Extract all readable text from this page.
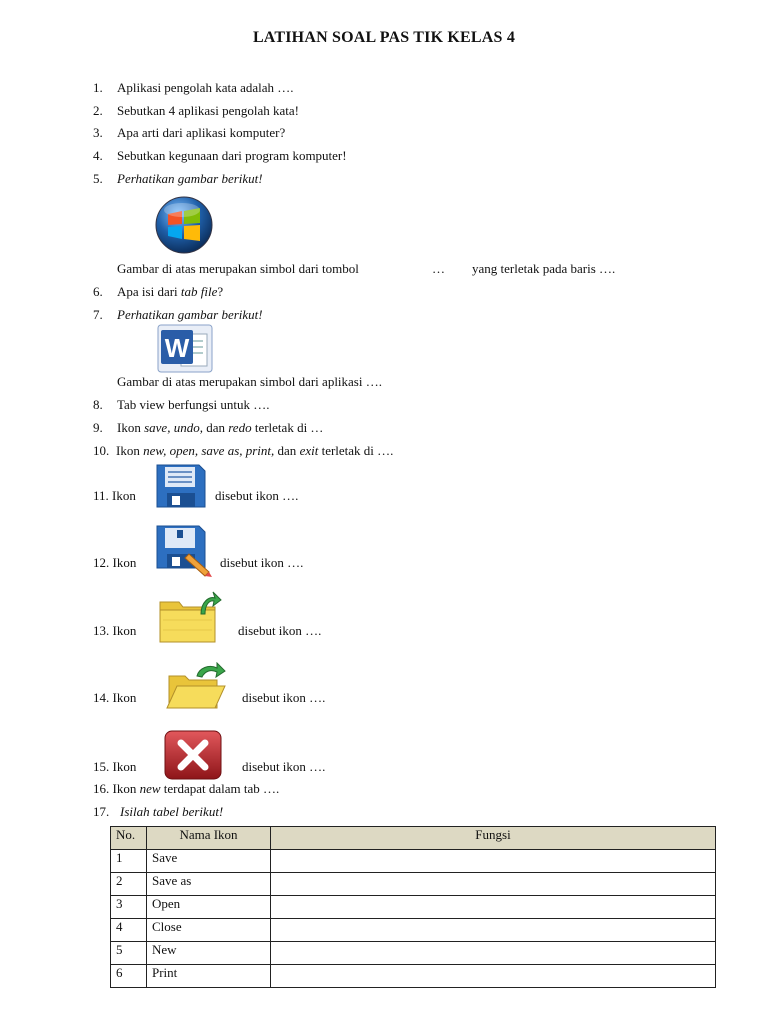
LATIHAN SOAL PAS TIK KELAS 4
1. Aplikasi pengolah kata adalah ….
2. Sebutkan 4 aplikasi pengolah kata!
3. Apa arti dari aplikasi komputer?
4. Sebutkan kegunaan dari program komputer!
5. Perhatikan gambar berikut!
Gambar di atas merupakan simbol dari tombol	… yang terletak pada baris ….
6. Apa isi dari tab file?
7. Perhatikan gambar berikut!
W
Gambar di atas merupakan simbol dari aplikasi ….
8. Tab view berfungsi untuk ….
9. Ikon save, undo, dan redo terletak di …
10. Ikon new, open, save as, print, dan exit terletak di ….
11. Ikon	disebut ikon ….
12. Ikon	disebut ikon ….
13. Ikon	disebut ikon ….
14. Ikon	disebut ikon ….
15. Ikon	disebut ikon ….
16. Ikon new terdapat dalam tab ….
17. Isilah tabel berikut!
No.	Nama Ikon	Fungsi
1	Save	
2	Save as	
3	Open	
4	Close	
5	New	
6	Print	
